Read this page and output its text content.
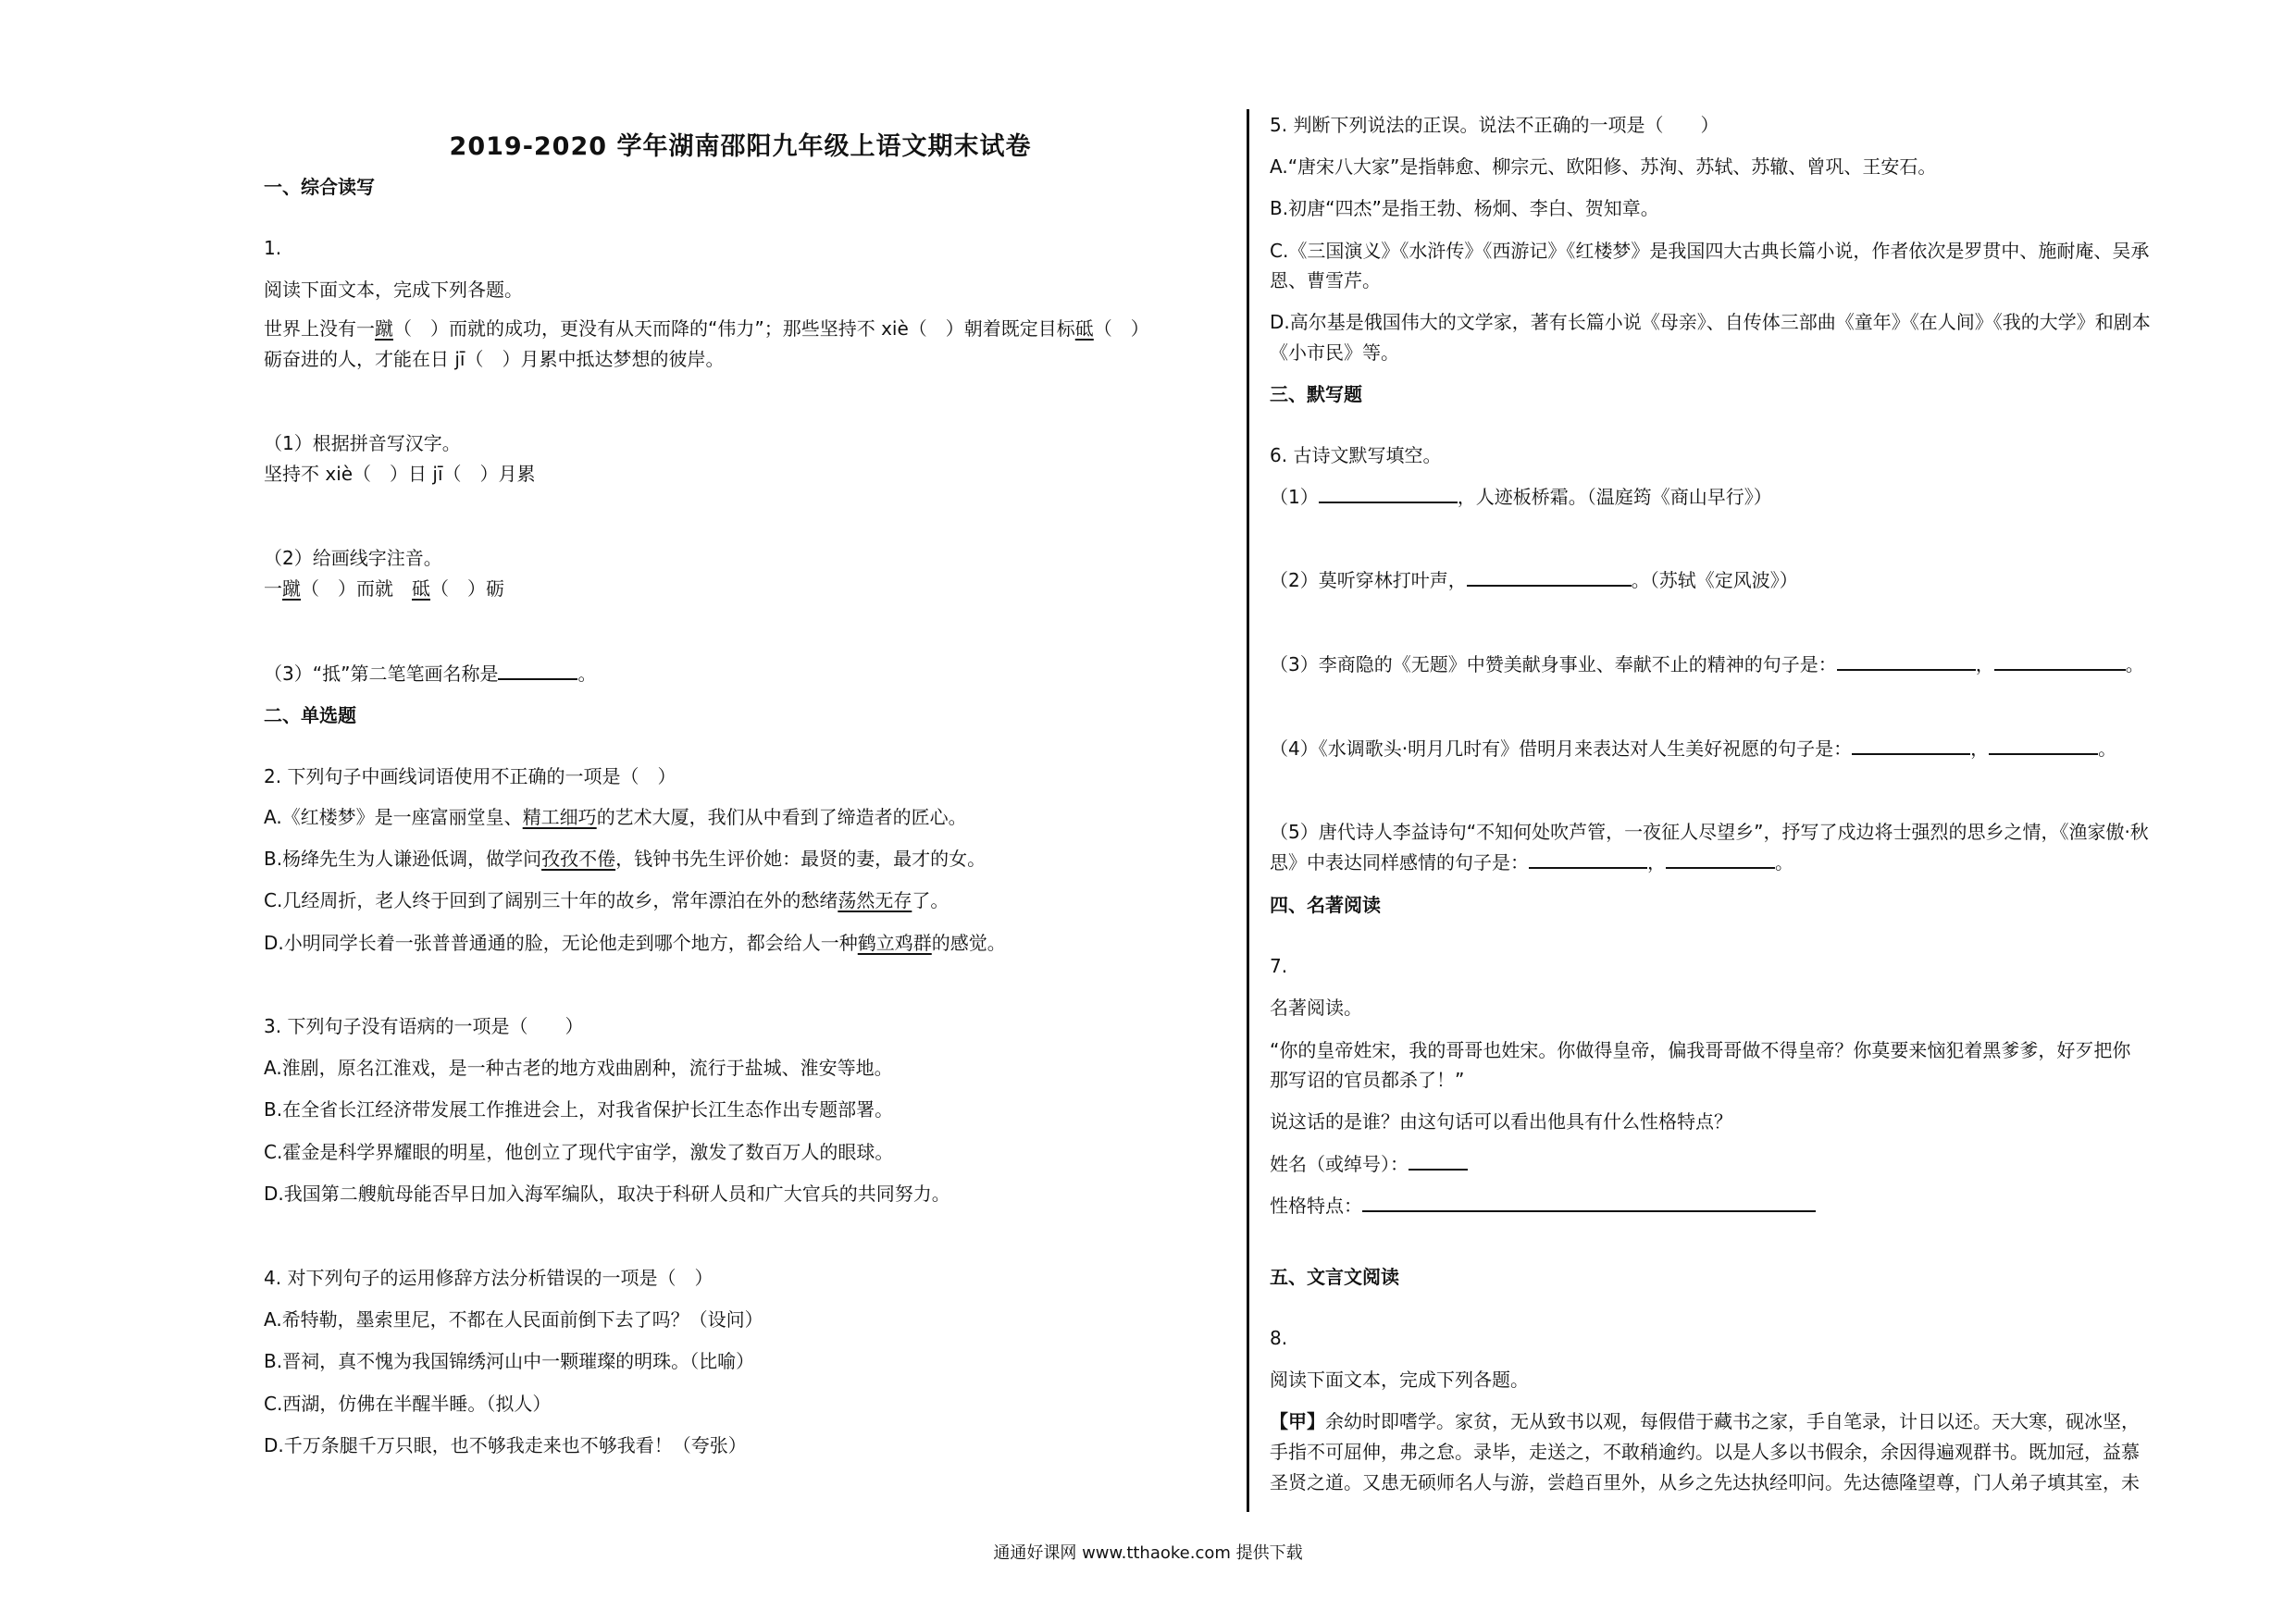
2019-2020 学年湖南邵阳九年级上语文期末试卷
一、综合读写
1.
阅读下面文本，完成下列各题。
世界上没有一蹴（　）而就的成功，更没有从天而降的“伟力”；那些坚持不 xiè（　）朝着既定目标砥（　）
砺奋进的人，才能在日 jī（　）月累中抵达梦想的彼岸。
（1）根据拼音写汉字。
坚持不 xiè（　）日 jī（　）月累
（2）给画线字注音。
一蹴（　）而就　砥（　）砺
（3）“抵”第二笔笔画名称是	。
二、单选题
2. 下列句子中画线词语使用不正确的一项是（　）
A.《红楼梦》是一座富丽堂皇、精工细巧的艺术大厦，我们从中看到了缔造者的匠心。
B.杨绛先生为人谦逊低调，做学问孜孜不倦，钱钟书先生评价她：最贤的妻，最才的女。
C.几经周折，老人终于回到了阔别三十年的故乡，常年漂泊在外的愁绪荡然无存了。
D.小明同学长着一张普普通通的脸，无论他走到哪个地方，都会给人一种鹤立鸡群的感觉。
3. 下列句子没有语病的一项是（　　）
A.淮剧，原名江淮戏，是一种古老的地方戏曲剧种，流行于盐城、淮安等地。
B.在全省长江经济带发展工作推进会上，对我省保护长江生态作出专题部署。
C.霍金是科学界耀眼的明星，他创立了现代宇宙学，激发了数百万人的眼球。
D.我国第二艘航母能否早日加入海军编队，取决于科研人员和广大官兵的共同努力。
4. 对下列句子的运用修辞方法分析错误的一项是（　）
A.希特勒，墨索里尼，不都在人民面前倒下去了吗？（设问）
B.晋祠，真不愧为我国锦绣河山中一颗璀璨的明珠。（比喻）
C.西湖，仿佛在半醒半睡。（拟人）
D.千万条腿千万只眼，也不够我走来也不够我看！（夸张）
5. 判断下列说法的正误。说法不正确的一项是（　　）
A.“唐宋八大家”是指韩愈、柳宗元、欧阳修、苏洵、苏轼、苏辙、曾巩、王安石。
B.初唐“四杰”是指王勃、杨炯、李白、贺知章。
C.《三国演义》《水浒传》《西游记》《红楼梦》是我国四大古典长篇小说，作者依次是罗贯中、施耐庵、吴承
恩、曹雪芹。
D.高尔基是俄国伟大的文学家，著有长篇小说《母亲》、自传体三部曲《童年》《在人间》《我的大学》和剧本
《小市民》等。
三、默写题
6. 古诗文默写填空。
（1）	，人迹板桥霜。（温庭筠《商山早行》）
（2）莫听穿林打叶声，	。（苏轼《定风波》）
（3）李商隐的《无题》中赞美献身事业、奉献不止的精神的句子是：	，	。
（4）《水调歌头·明月几时有》借明月来表达对人生美好祝愿的句子是：	，	。
（5）唐代诗人李益诗句“不知何处吹芦管，一夜征人尽望乡”，抒写了戍边将士强烈的思乡之情，《渔家傲·秋
思》中表达同样感情的句子是：	，	。
四、名著阅读
7.
名著阅读。
“你的皇帝姓宋，我的哥哥也姓宋。你做得皇帝，偏我哥哥做不得皇帝？你莫要来恼犯着黑爹爹，好歹把你
那写诏的官员都杀了！”
说这话的是谁？由这句话可以看出他具有什么性格特点？
姓名（或绰号）：
性格特点：
五、文言文阅读
8.
阅读下面文本，完成下列各题。
【甲】余幼时即嗜学。家贫，无从致书以观，每假借于藏书之家，手自笔录，计日以还。天大寒，砚冰坚，
手指不可屈伸，弗之怠。录毕，走送之，不敢稍逾约。以是人多以书假余，余因得遍观群书。既加冠，益慕
圣贤之道。又患无硕师名人与游，尝趋百里外，从乡之先达执经叩问。先达德隆望尊，门人弟子填其室，未
通通好课网 www.tthaoke.com 提供下载
